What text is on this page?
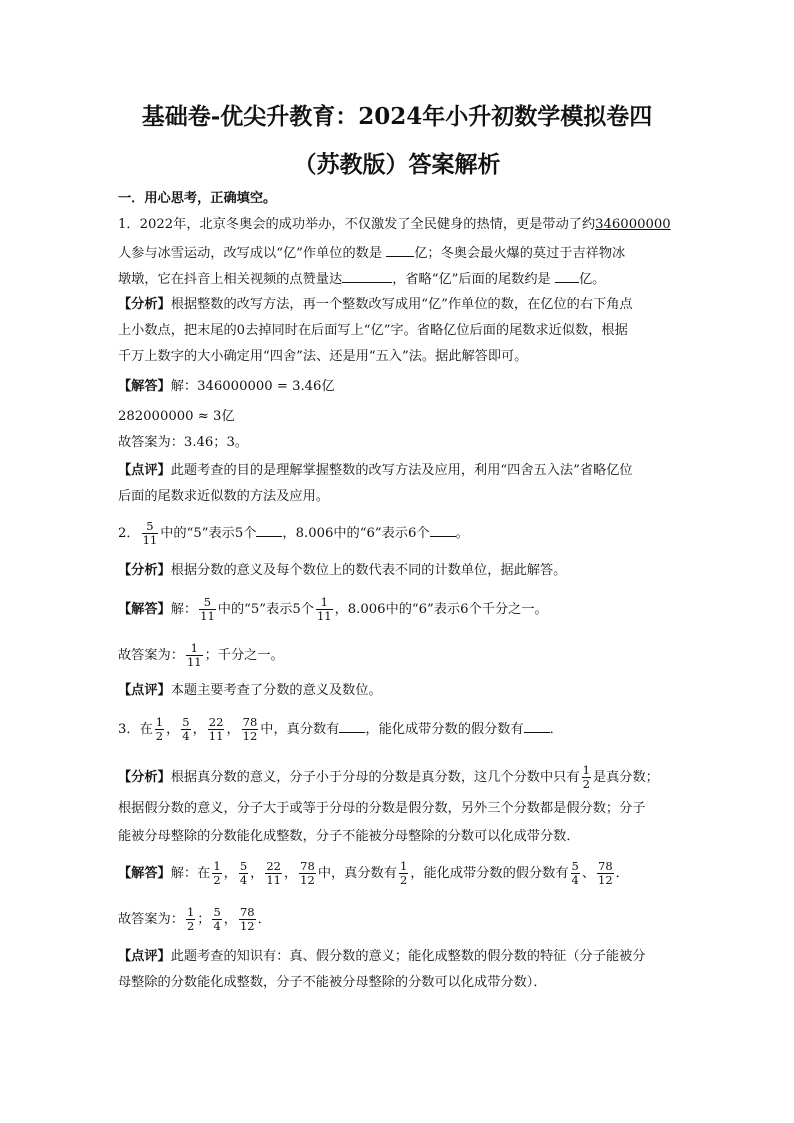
基础卷-优尖升教育：2024年小升初数学模拟卷四
（苏教版）答案解析
一．用心思考，正确填空。
1．2022年，北京冬奥会的成功举办，不仅激发了全民健身的热情，更是带动了约346000000
人参与冰雪运动，改写成以“亿”作单位的数是 亿；冬奥会最火爆的莫过于吉祥物冰
墩墩，它在抖音上相关视频的点赞量达	，省略“亿”后面的尾数约是 亿。
【分析】根据整数的改写方法，再一个整数改写成用“亿”作单位的数，在亿位的右下角点
上小数点，把末尾的0去掉同时在后面写上“亿”字。省略亿位后面的尾数求近似数，根据
千万上数字的大小确定用“四舍”法、还是用“五入”法。据此解答即可。
【解答】解：346000000 = 3.46亿
282000000 ≈ 3亿
故答案为：3.46；3。
【点评】此题考查的目的是理解掌握整数的改写方法及应用，利用“四舍五入法”省略亿位
后面的尾数求近似数的方法及应用。
2． $\frac{5}{11}$ 中的“5”表示5个 ，8.006中的“6”表示6个 。
【分析】根据分数的意义及每个数位上的数代表不同的计数单位，据此解答。
【解答】解： $\frac{5}{11}$ 中的“5”表示5个 $\frac{1}{11}$ ，8.006中的“6”表示6个千分之一。
故答案为： $\frac{1}{11}$ ；千分之一。
【点评】本题主要考查了分数的意义及数位。
3．在 $\frac{1}{2}$ ， $\frac{5}{4}$ ， $\frac{22}{11}$ ， $\frac{78}{12}$ 中，真分数有 ，能化成带分数的假分数有 ．
【分析】根据真分数的意义，分子小于分母的分数是真分数，这几个分数中只有 $\frac{1}{2}$ 是真分数；
根据假分数的意义，分子大于或等于分母的分数是假分数，另外三个分数都是假分数；分子
能被分母整除的分数能化成整数，分子不能被分母整除的分数可以化成带分数．
【解答】解：在 $\frac{1}{2}$ ， $\frac{5}{4}$ ， $\frac{22}{11}$ ， $\frac{78}{12}$ 中，真分数有 $\frac{1}{2}$ ，能化成带分数的假分数有 $\frac{5}{4}$ 、 $\frac{78}{12}$ ．
故答案为： $\frac{1}{2}$ ； $\frac{5}{4}$ ， $\frac{78}{12}$ ．
【点评】此题考查的知识有：真、假分数的意义；能化成整数的假分数的特征（分子能被分
母整除的分数能化成整数，分子不能被分母整除的分数可以化成带分数）．
